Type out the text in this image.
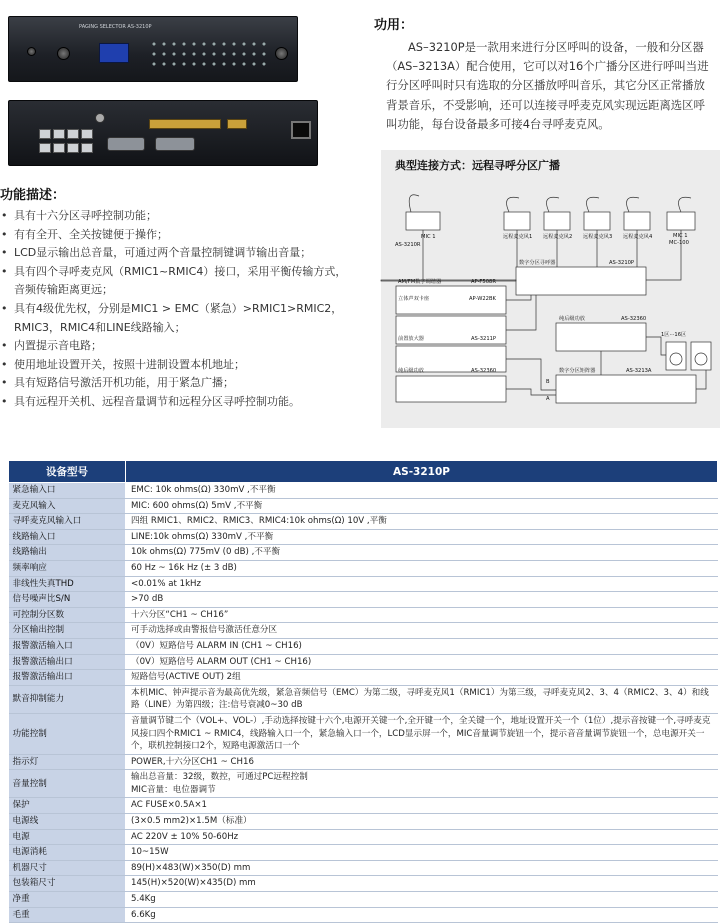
PAGING SELECTOR AS-3210P	功用：

AS–3210P是一款用来进行分区呼叫的设备，一般和分区器（AS–3213A）配合使用，它可以对16个广播分区进行呼叫当进行分区呼叫时只有选取的分区播放呼叫音乐，其它分区正常播放背景音乐，不受影响，还可以连接寻呼麦克风实现远距离选区呼叫功能，每台设备最多可接4台寻呼麦克风。

MIC 1
AS-3210R
远程麦克风1 远程麦克风2 远程麦克风3 远程麦克风4	MIC 1
MC-100
数字分区寻呼器	AS-3210P
AM/FM数字调谐器	AP-F508R
立体声双卡座	AP-W22BK
前置放大器	AS-3211P
纯后级功放	AS-32360
纯后级功放	AS-32360
1区···16区
数字分区矩阵器	AS-3213A
B
A
典型连接方式：远程寻呼分区广播
功能描述：
• 具有十六分区寻呼控制功能；
• 有有全开、全关按键便于操作；
• LCD显示输出总音量，可通过两个音量控制键调节输出音量；
• 具有四个寻呼麦克风（RMIC1~RMIC4）接口，采用平衡传输方式，音频传输距离更远；
• 具有4级优先权，分别是MIC1 > EMC（紧急）>RMIC1>RMIC2，RMIC3，RMIC4和LINE线路输入；
• 内置提示音电路；
• 使用地址设置开关，按照十进制设置本机地址；
• 具有短路信号激活开机功能，用于紧急广播；
• 具有远程开关机、远程音量调节和远程分区寻呼控制功能。
设备型号	AS-3210P
紧急输入口	EMC: 10k ohms(Ω) 330mV ,不平衡
麦克风输入	MIC: 600 ohms(Ω) 5mV ,不平衡
寻呼麦克风输入口	四组 RMIC1、RMIC2、RMIC3、RMIC4:10k ohms(Ω) 10V ,平衡
线路输入口	LINE:10k ohms(Ω) 330mV ,不平衡
线路输出	10k ohms(Ω) 775mV (0 dB) ,不平衡
频率响应	60 Hz ~ 16k Hz (± 3 dB)
非线性失真THD	<0.01% at 1kHz
信号噪声比S/N	>70 dB
可控制分区数	十六分区“CH1 ~ CH16”
分区输出控制	可手动选择或由警报信号激活任意分区
报警激活输入口	（0V）短路信号 ALARM IN (CH1 ~ CH16)
报警激活输出口	（0V）短路信号 ALARM OUT (CH1 ~ CH16)
报警激活输出口	短路信号(ACTIVE OUT) 2组
默音抑制能力	本机MIC、钟声提示音为最高优先级，紧急音频信号（EMC）为第二级，寻呼麦克风1（RMIC1）为第三级，寻呼麦克风2、3、4（RMIC2、3、4）和线路（LINE）为第四级；注:信号衰减0~30 dB
功能控制	音量调节键二个（VOL+、VOL-）,手动选择按键十六个,电源开关键一个,全开键一个，全关键一个，地址设置开关一个（1位）,提示音按键一个,寻呼麦克风接口四个RMIC1 ~ RMIC4，线路输入口一个，紧急输入口一个，LCD显示屏一个，MIC音量调节旋钮一个，提示音音量调节旋钮一个，总电源开关一个，联机控制接口2个，短路电源激活口一个
指示灯	POWER,十六分区CH1 ~ CH16
音量控制	输出总音量：32级，数控，可通过PC远程控制
MIC音量：电位器调节
保护	AC FUSE×0.5A×1
电源线	(3×0.5 mm2)×1.5M（标准）
电源	AC 220V ± 10% 50-60Hz
电源消耗	10~15W
机器尺寸	89(H)×483(W)×350(D) mm
包装箱尺寸	145(H)×520(W)×435(D) mm
净重	5.4Kg
毛重	6.6Kg
